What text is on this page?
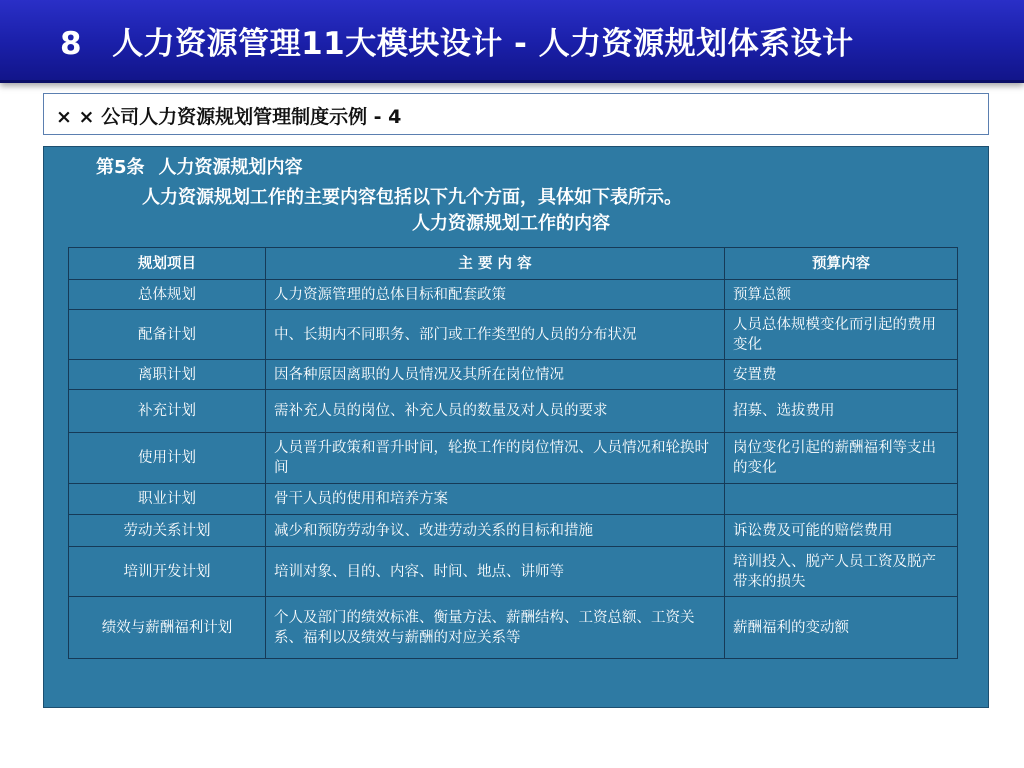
8 人力资源管理11大模块设计 - 人力资源规划体系设计
× × 公司人力资源规划管理制度示例 - 4
第5条 人力资源规划内容
人力资源规划工作的主要内容包括以下九个方面，具体如下表所示。
人力资源规划工作的内容
规划项目	主 要 内 容	预算内容
总体规划	人力资源管理的总体目标和配套政策	预算总额
配备计划	中、长期内不同职务、部门或工作类型的人员的分布状况	人员总体规模变化而引起的费用变化
离职计划	因各种原因离职的人员情况及其所在岗位情况	安置费
补充计划	需补充人员的岗位、补充人员的数量及对人员的要求	招募、选拔费用
使用计划	人员晋升政策和晋升时间，轮换工作的岗位情况、人员情况和轮换时间	岗位变化引起的薪酬福利等支出的变化
职业计划	骨干人员的使用和培养方案	
劳动关系计划	减少和预防劳动争议、改进劳动关系的目标和措施	诉讼费及可能的赔偿费用
培训开发计划	培训对象、目的、内容、时间、地点、讲师等	培训投入、脱产人员工资及脱产带来的损失
绩效与薪酬福利计划	个人及部门的绩效标准、衡量方法、薪酬结构、工资总额、工资关系、福利以及绩效与薪酬的对应关系等	薪酬福利的变动额
